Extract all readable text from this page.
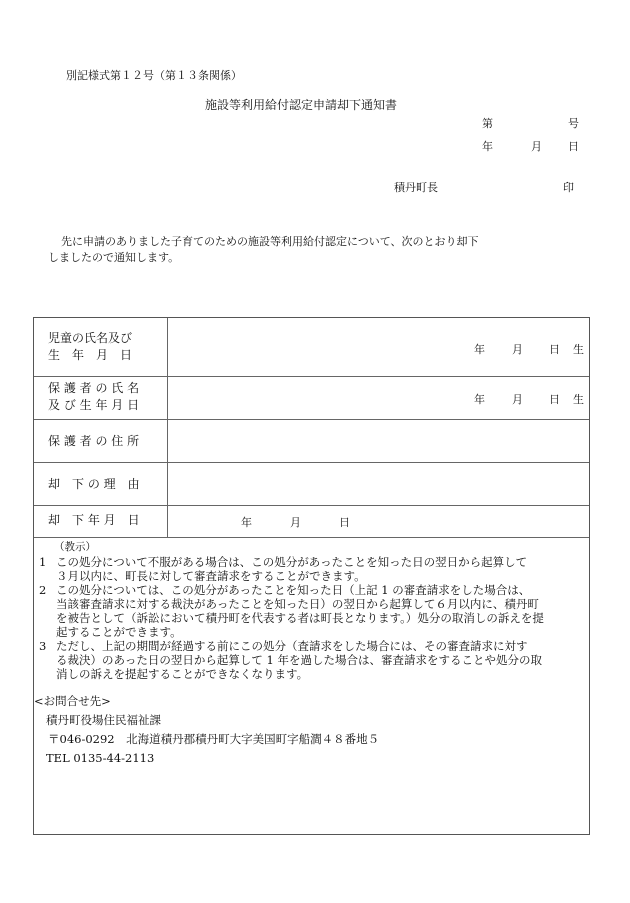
別記様式第１２号（第１３条関係）
施設等利用給付認定申請却下通知書
第	号
年	月 日
積丹町長	印
先に申請のありました子育てのための施設等利用給付認定について、次のとおり却下
しましたので通知します。
児童の氏名及び
生　年　月　日	年 月 日 生
保 護 者 の 氏 名
及 び 生 年 月 日	年 月 日 生
保 護 者 の 住 所
却　下 の 理　由
却　下 年 月　日	年	月	日
（教示）
1 この処分について不服がある場合は、この処分があったことを知った日の翌日から起算して
３月以内に、町長に対して審査請求をすることができます。
2 この処分については、この処分があったことを知った日（上記 1 の審査請求をした場合は、
当該審査請求に対する裁決があったことを知った日）の翌日から起算して６月以内に、積丹町
を被告として（訴訟において積丹町を代表する者は町長となります。）処分の取消しの訴えを提
起することができます。
3 ただし、上記の期間が経過する前にこの処分（査請求をした場合には、その審査請求に対す
る裁決）のあった日の翌日から起算して 1 年を過した場合は、審査請求をすることや処分の取
消しの訴えを提起することができなくなります。
<お問合せ先>
積丹町役場住民福祉課
〒046-0292　北海道積丹郡積丹町大字美国町字船澗４８番地５
TEL 0135-44-2113
